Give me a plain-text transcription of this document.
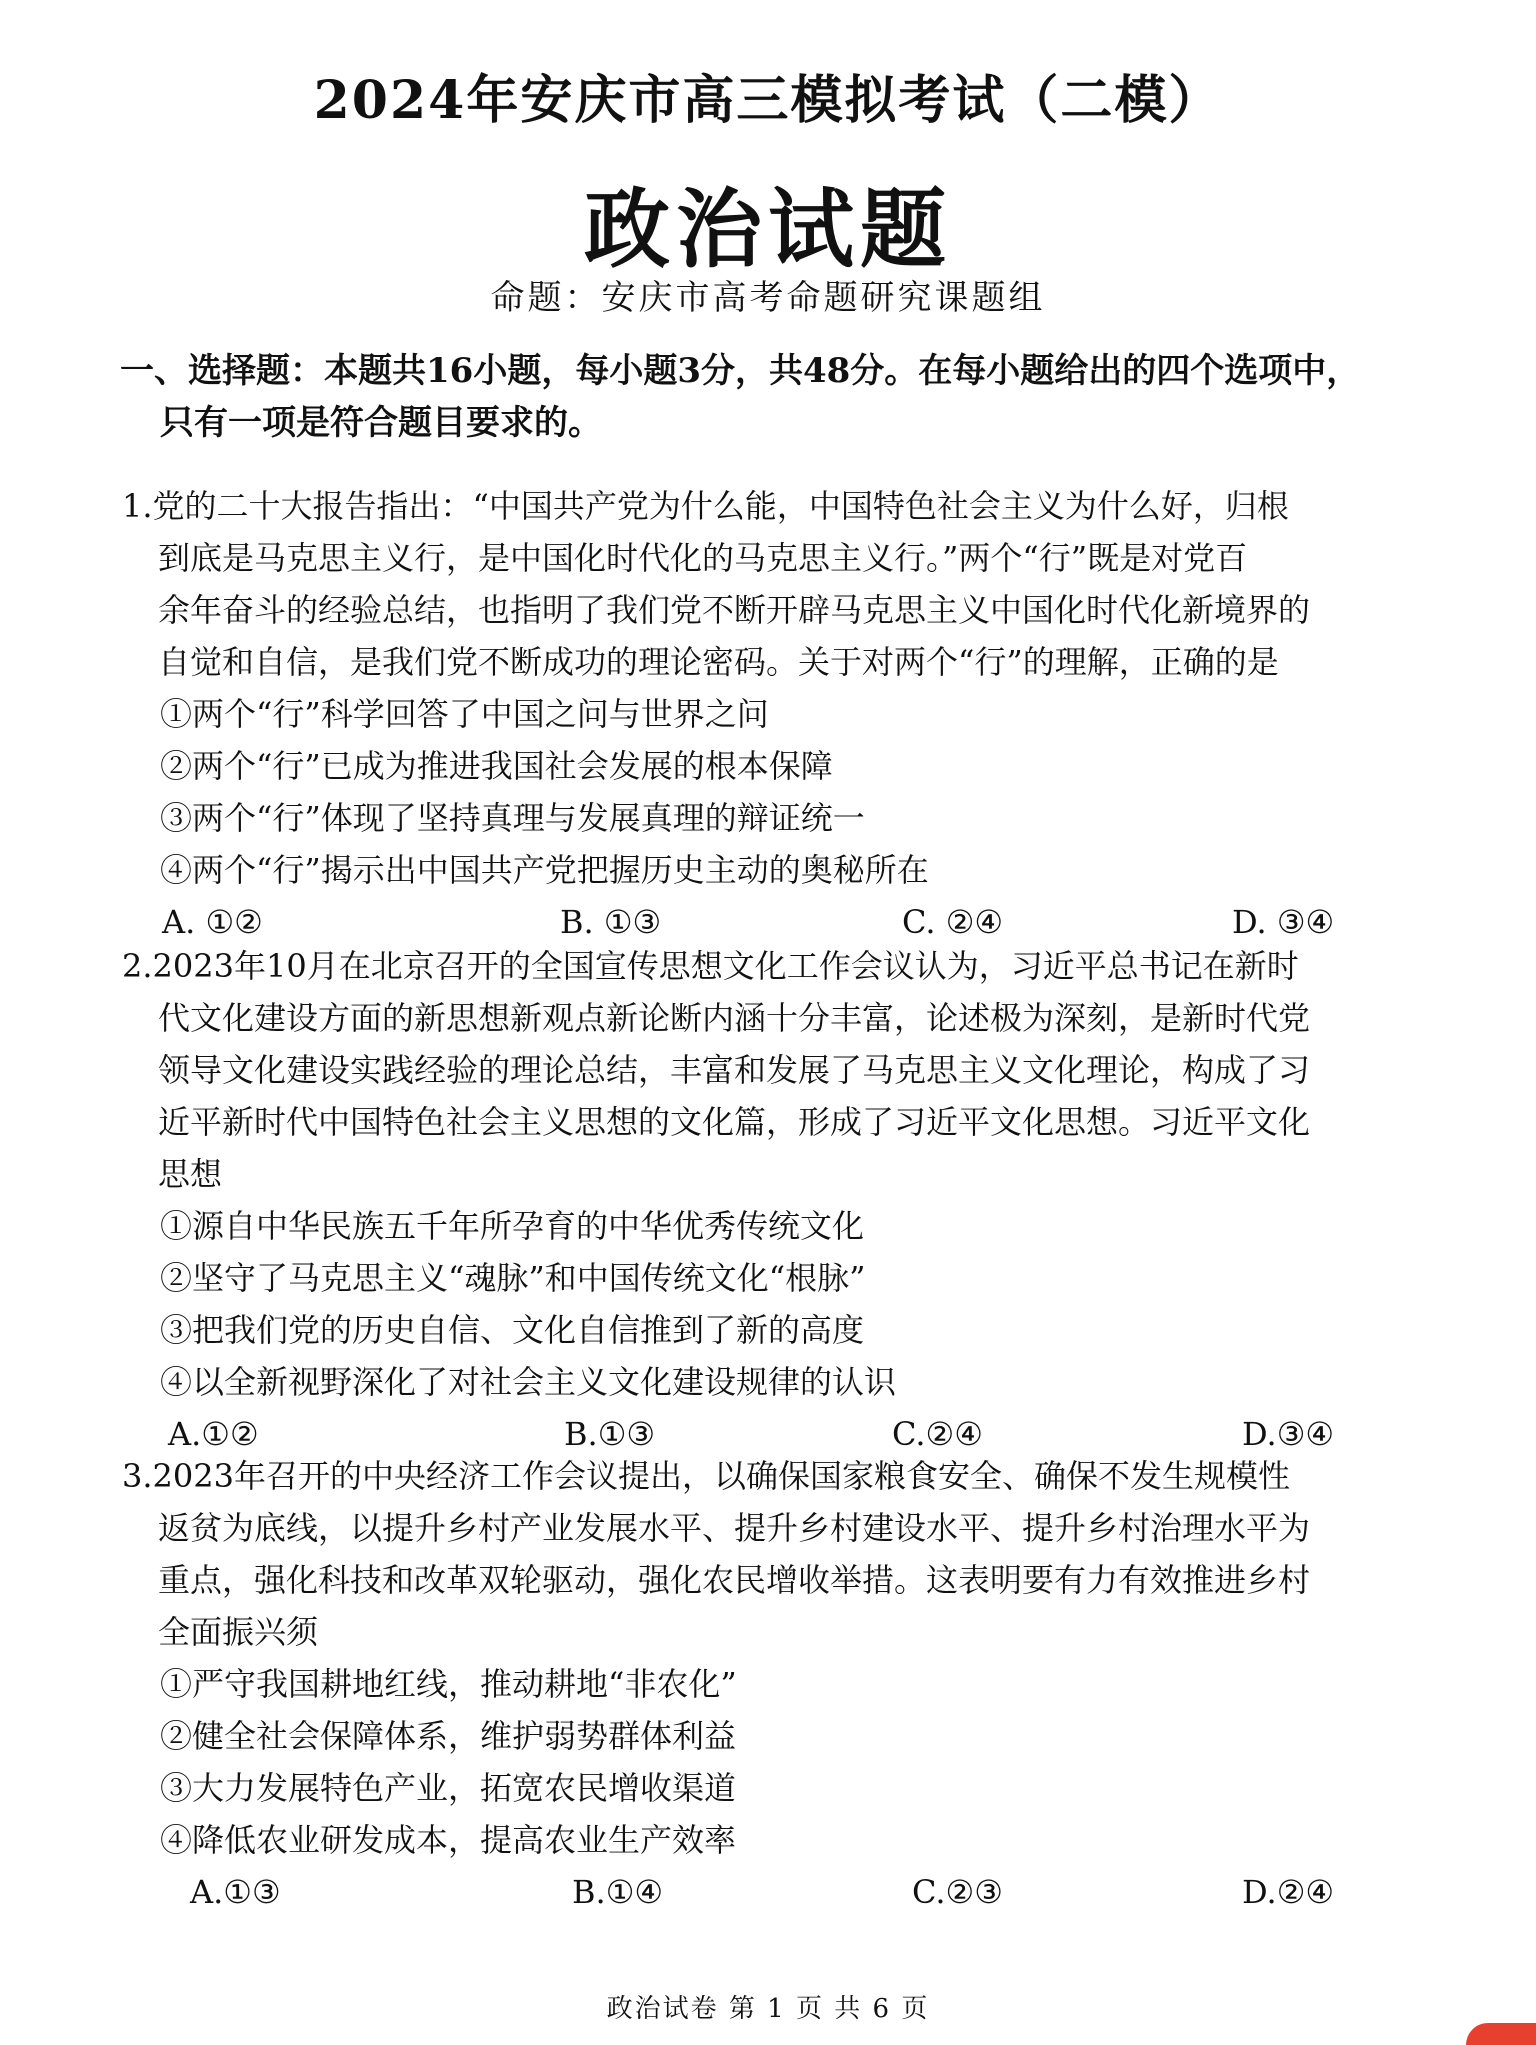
2024年安庆市高三模拟考试（二模）
政治试题
命题：安庆市高考命题研究课题组
一、选择题：本题共16小题，每小题3分，共48分。在每小题给出的四个选项中，
只有一项是符合题目要求的。
1.党的二十大报告指出：“中国共产党为什么能，中国特色社会主义为什么好，归根
到底是马克思主义行，是中国化时代化的马克思主义行。”两个“行”既是对党百
余年奋斗的经验总结，也指明了我们党不断开辟马克思主义中国化时代化新境界的
自觉和自信，是我们党不断成功的理论密码。关于对两个“行”的理解，正确的是
①两个“行”科学回答了中国之问与世界之问
②两个“行”已成为推进我国社会发展的根本保障
③两个“行”体现了坚持真理与发展真理的辩证统一
④两个“行”揭示出中国共产党把握历史主动的奥秘所在
A. ①②	B. ①③	C. ②④	D. ③④
2.2023年10月在北京召开的全国宣传思想文化工作会议认为，习近平总书记在新时
代文化建设方面的新思想新观点新论断内涵十分丰富，论述极为深刻，是新时代党
领导文化建设实践经验的理论总结，丰富和发展了马克思主义文化理论，构成了习
近平新时代中国特色社会主义思想的文化篇，形成了习近平文化思想。习近平文化
思想
①源自中华民族五千年所孕育的中华优秀传统文化
②坚守了马克思主义“魂脉”和中国传统文化“根脉”
③把我们党的历史自信、文化自信推到了新的高度
④以全新视野深化了对社会主义文化建设规律的认识
A.①②	B.①③	C.②④	D.③④
3.2023年召开的中央经济工作会议提出，以确保国家粮食安全、确保不发生规模性
返贫为底线，以提升乡村产业发展水平、提升乡村建设水平、提升乡村治理水平为
重点，强化科技和改革双轮驱动，强化农民增收举措。这表明要有力有效推进乡村
全面振兴须
①严守我国耕地红线，推动耕地“非农化”
②健全社会保障体系，维护弱势群体利益
③大力发展特色产业，拓宽农民增收渠道
④降低农业研发成本，提高农业生产效率
A.①③	B.①④	C.②③	D.②④
政治试卷 第 1 页 共 6 页
